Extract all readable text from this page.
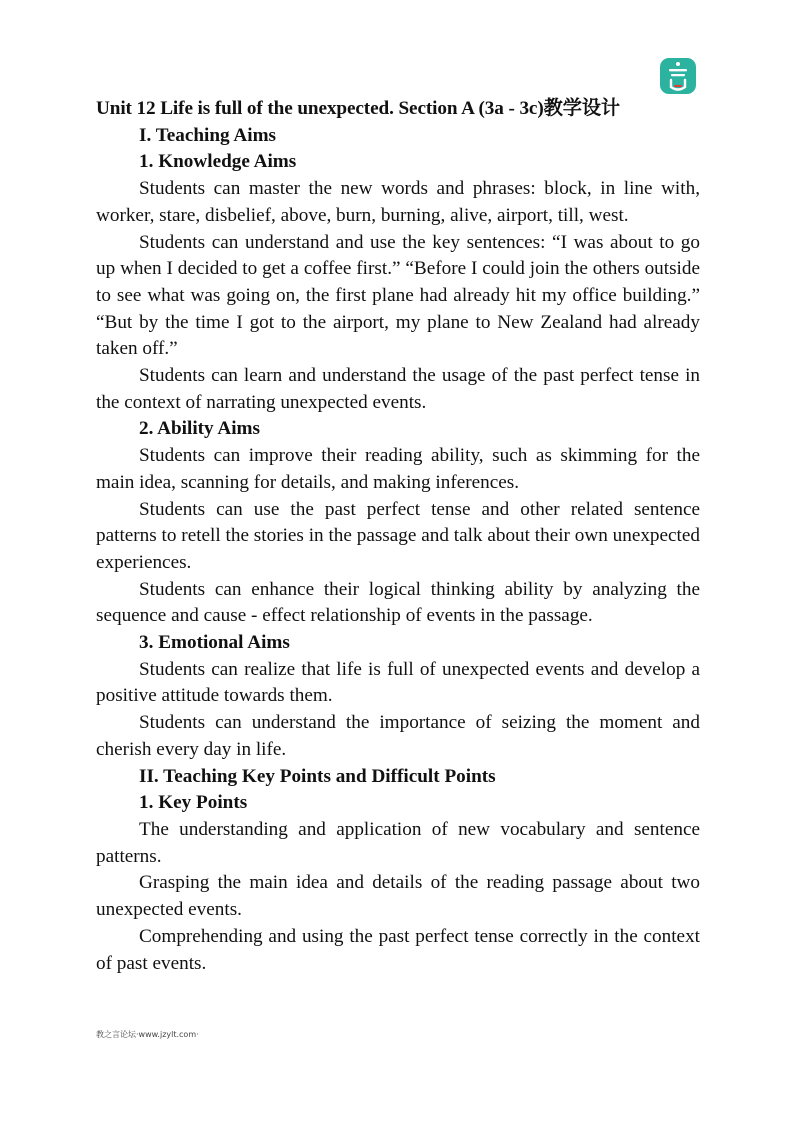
Unit 12 Life is full of the unexpected. Section A (3a - 3c)教学设计

I. Teaching Aims

1. Knowledge Aims

Students can master the new words and phrases: block, in line with, worker, stare, disbelief, above, burn, burning, alive, airport, till, west.

Students can understand and use the key sentences: “I was about to go up when I decided to get a coffee first.” “Before I could join the others outside to see what was going on, the first plane had already hit my office building.” “But by the time I got to the airport, my plane to New Zealand had already taken off.”

Students can learn and understand the usage of the past perfect tense in the context of narrating unexpected events.

2. Ability Aims

Students can improve their reading ability, such as skimming for the main idea, scanning for details, and making inferences.

Students can use the past perfect tense and other related sentence patterns to retell the stories in the passage and talk about their own unexpected experiences.

Students can enhance their logical thinking ability by analyzing the sequence and cause - effect relationship of events in the passage.

3. Emotional Aims

Students can realize that life is full of unexpected events and develop a positive attitude towards them.

Students can understand the importance of seizing the moment and cherish every day in life.

II. Teaching Key Points and Difficult Points

1. Key Points

The understanding and application of new vocabulary and sentence patterns.

Grasping the main idea and details of the reading passage about two unexpected events.

Comprehending and using the past perfect tense correctly in the context of past events.

教之言论坛·www.jzylt.com·
